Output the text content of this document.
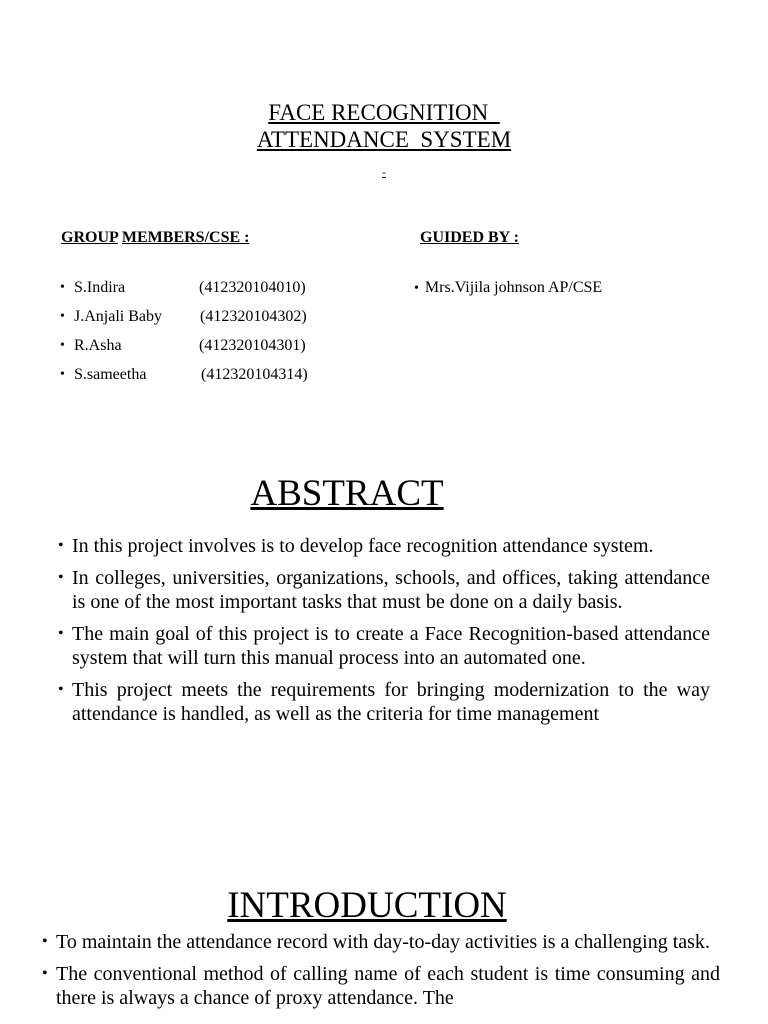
FACE RECOGNITION
ATTENDANCE  SYSTEM
-
GROUP MEMBERS/CSE :	GUIDED BY :
• S.Indira	(412320104010)
• J.Anjali Baby (412320104302)
• R.Asha	(412320104301)
• S.sameetha	(412320104314)
• Mrs.Vijila johnson AP/CSE
ABSTRACT
• In this project involves is to develop face recognition attendance system.
• In colleges, universities, organizations, schools, and offices, taking attendance is one of the most important tasks that must be done on a daily basis.
• The main goal of this project is to create a Face Recognition-based attendance system that will turn this manual process into an automated one.
• This project meets the requirements for bringing modernization to the way attendance is handled, as well as the criteria for time management
INTRODUCTION
• To maintain the attendance record with day-to-day activities is a challenging task.
• The conventional method of calling name of each student is time consuming and there is always a chance of proxy attendance. The
